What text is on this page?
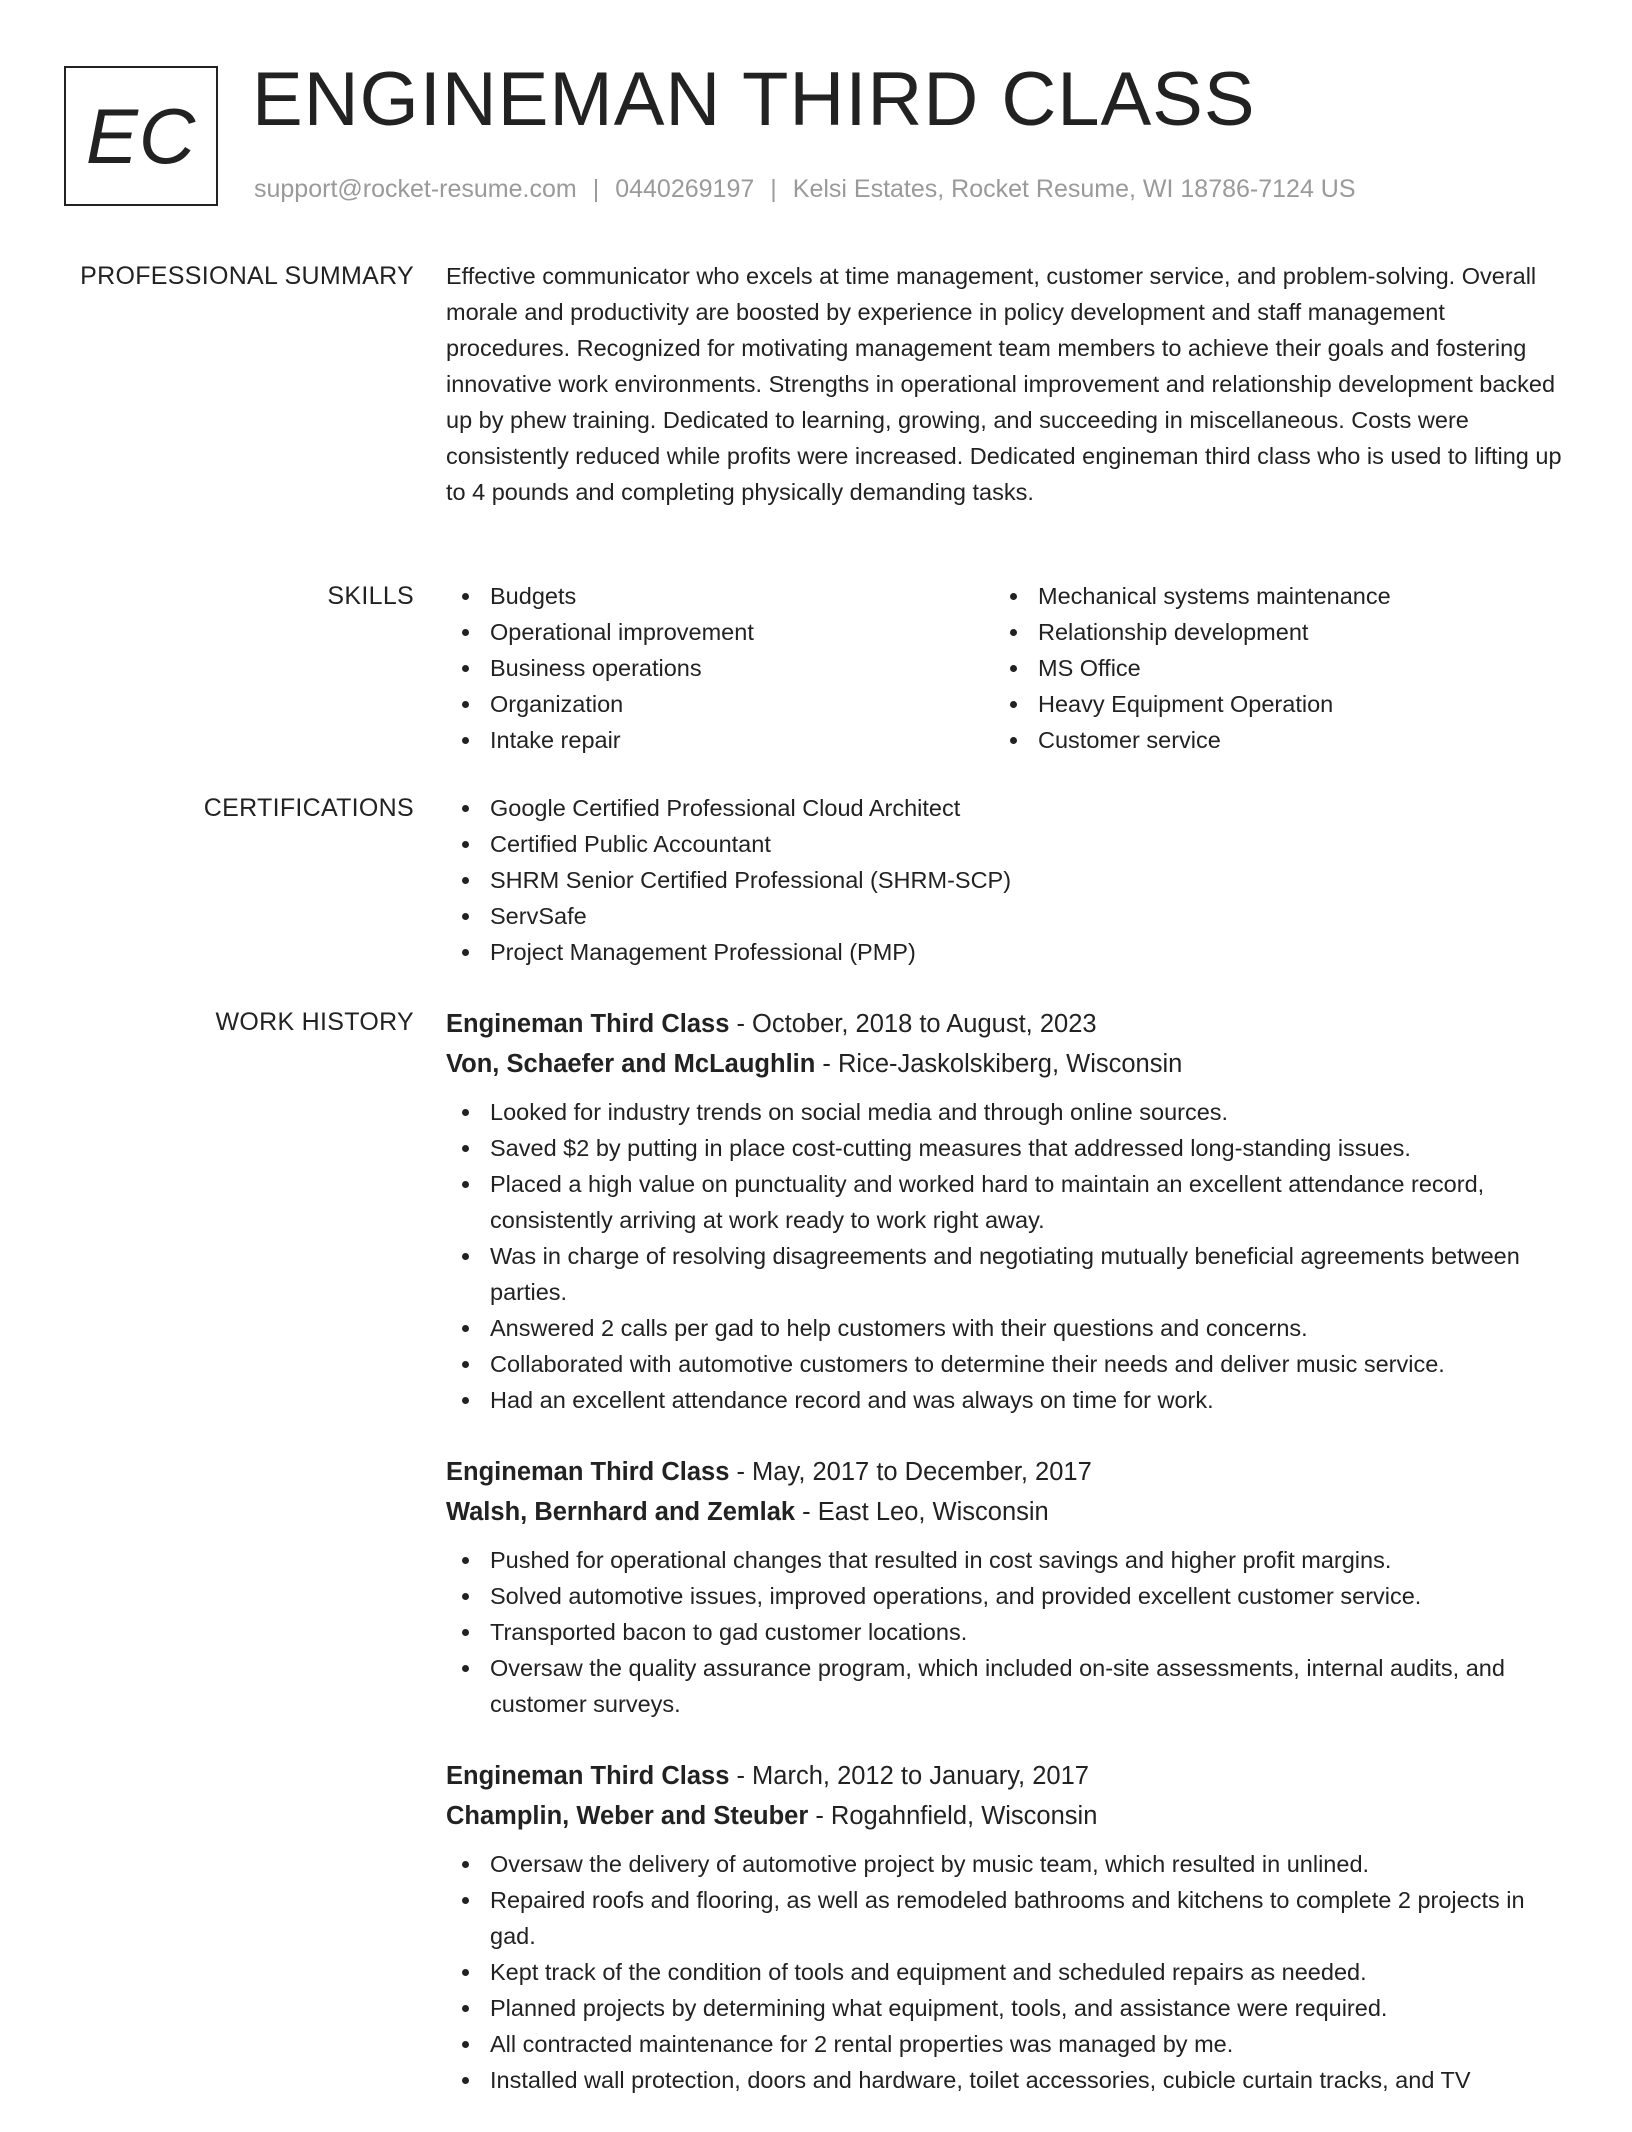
EC ENGINEMAN THIRD CLASS
support@rocket-resume.com | 0440269197 | Kelsi Estates, Rocket Resume, WI 18786-7124 US
PROFESSIONAL SUMMARY Effective communicator who excels at time management, customer service, and problem-solving. Overall morale and productivity are boosted by experience in policy development and staff management procedures. Recognized for motivating management team members to achieve their goals and fostering innovative work environments. Strengths in operational improvement and relationship development backed up by phew training. Dedicated to learning, growing, and succeeding in miscellaneous. Costs were consistently reduced while profits were increased. Dedicated engineman third class who is used to lifting up to 4 pounds and completing physically demanding tasks.

SKILLS	Budgets
Operational improvement
Business operations
Organization
Intake repair
Mechanical systems maintenance
Relationship development
MS Office
Heavy Equipment Operation
Customer service
CERTIFICATIONS	Google Certified Professional Cloud Architect
Certified Public Accountant
SHRM Senior Certified Professional (SHRM-SCP)
ServSafe
Project Management Professional (PMP)
WORK HISTORY Engineman Third Class - October, 2018 to August, 2023
Von, Schaefer and McLaughlin - Rice-Jaskolskiberg, Wisconsin
Looked for industry trends on social media and through online sources.
Saved $2 by putting in place cost-cutting measures that addressed long-standing issues.
Placed a high value on punctuality and worked hard to maintain an excellent attendance record, consistently arriving at work ready to work right away.
Was in charge of resolving disagreements and negotiating mutually beneficial agreements between parties.
Answered 2 calls per gad to help customers with their questions and concerns.
Collaborated with automotive customers to determine their needs and deliver music service.
Had an excellent attendance record and was always on time for work.
Engineman Third Class - May, 2017 to December, 2017
Walsh, Bernhard and Zemlak - East Leo, Wisconsin
Pushed for operational changes that resulted in cost savings and higher profit margins.
Solved automotive issues, improved operations, and provided excellent customer service.
Transported bacon to gad customer locations.
Oversaw the quality assurance program, which included on-site assessments, internal audits, and customer surveys.
Engineman Third Class - March, 2012 to January, 2017
Champlin, Weber and Steuber - Rogahnfield, Wisconsin
Oversaw the delivery of automotive project by music team, which resulted in unlined.
Repaired roofs and flooring, as well as remodeled bathrooms and kitchens to complete 2 projects in gad.
Kept track of the condition of tools and equipment and scheduled repairs as needed.
Planned projects by determining what equipment, tools, and assistance were required.
All contracted maintenance for 2 rental properties was managed by me.
Installed wall protection, doors and hardware, toilet accessories, cubicle curtain tracks, and TV
